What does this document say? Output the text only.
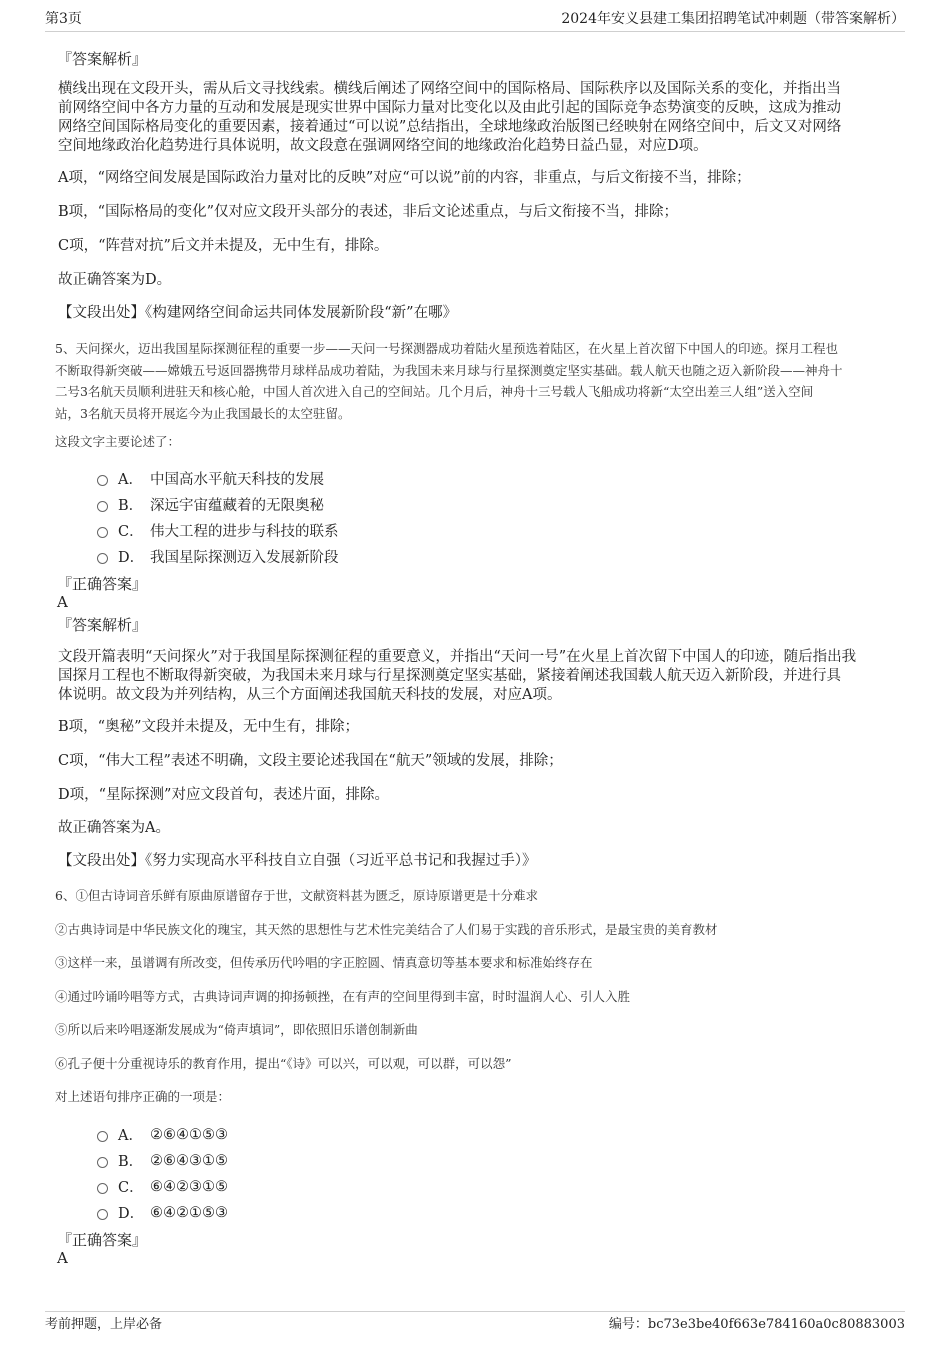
第3页	2024年安义县建工集团招聘笔试冲刺题（带答案解析）
『答案解析』
横线出现在文段开头，需从后文寻找线索。横线后阐述了网络空间中的国际格局、国际秩序以及国际关系的变化，并指出当
前网络空间中各方力量的互动和发展是现实世界中国际力量对比变化以及由此引起的国际竞争态势演变的反映，这成为推动
网络空间国际格局变化的重要因素，接着通过“可以说”总结指出，全球地缘政治版图已经映射在网络空间中，后文又对网络
空间地缘政治化趋势进行具体说明，故文段意在强调网络空间的地缘政治化趋势日益凸显，对应D项。
A项，“网络空间发展是国际政治力量对比的反映”对应“可以说”前的内容，非重点，与后文衔接不当，排除；
B项，“国际格局的变化”仅对应文段开头部分的表述，非后文论述重点，与后文衔接不当，排除；
C项，“阵营对抗”后文并未提及，无中生有，排除。
故正确答案为D。
【文段出处】《构建网络空间命运共同体发展新阶段“新”在哪》
5、天问探火，迈出我国星际探测征程的重要一步——天问一号探测器成功着陆火星预选着陆区，在火星上首次留下中国人的印迹。探月工程也
不断取得新突破——嫦娥五号返回器携带月球样品成功着陆，为我国未来月球与行星探测奠定坚实基础。载人航天也随之迈入新阶段——神舟十
二号3名航天员顺利进驻天和核心舱，中国人首次进入自己的空间站。几个月后，神舟十三号载人飞船成功将新“太空出差三人组”送入空间
站，3名航天员将开展迄今为止我国最长的太空驻留。
这段文字主要论述了：
A． 中国高水平航天科技的发展
B． 深远宇宙蕴藏着的无限奥秘
C． 伟大工程的进步与科技的联系
D． 我国星际探测迈入发展新阶段
『正确答案』
A
『答案解析』
文段开篇表明“天问探火”对于我国星际探测征程的重要意义，并指出“天问一号”在火星上首次留下中国人的印迹，随后指出我
国探月工程也不断取得新突破，为我国未来月球与行星探测奠定坚实基础，紧接着阐述我国载人航天迈入新阶段，并进行具
体说明。故文段为并列结构，从三个方面阐述我国航天科技的发展，对应A项。
B项，“奥秘”文段并未提及，无中生有，排除；
C项，“伟大工程”表述不明确，文段主要论述我国在“航天”领域的发展，排除；
D项，“星际探测”对应文段首句，表述片面，排除。
故正确答案为A。
【文段出处】《努力实现高水平科技自立自强（习近平总书记和我握过手）》
6、①但古诗词音乐鲜有原曲原谱留存于世，文献资料甚为匮乏，原诗原谱更是十分难求
②古典诗词是中华民族文化的瑰宝，其天然的思想性与艺术性完美结合了人们易于实践的音乐形式，是最宝贵的美育教材
③这样一来，虽谱调有所改变，但传承历代吟唱的字正腔圆、情真意切等基本要求和标准始终存在
④通过吟诵吟唱等方式，古典诗词声调的抑扬顿挫，在有声的空间里得到丰富，时时温润人心、引人入胜
⑤所以后来吟唱逐渐发展成为“倚声填词”，即依照旧乐谱创制新曲
⑥孔子便十分重视诗乐的教育作用，提出“《诗》可以兴，可以观，可以群，可以怨”
对上述语句排序正确的一项是：
A． ②⑥④①⑤③
B． ②⑥④③①⑤
C． ⑥④②③①⑤
D． ⑥④②①⑤③
『正确答案』
A
考前押题，上岸必备	编号：bc73e3be40f663e784160a0c80883003
